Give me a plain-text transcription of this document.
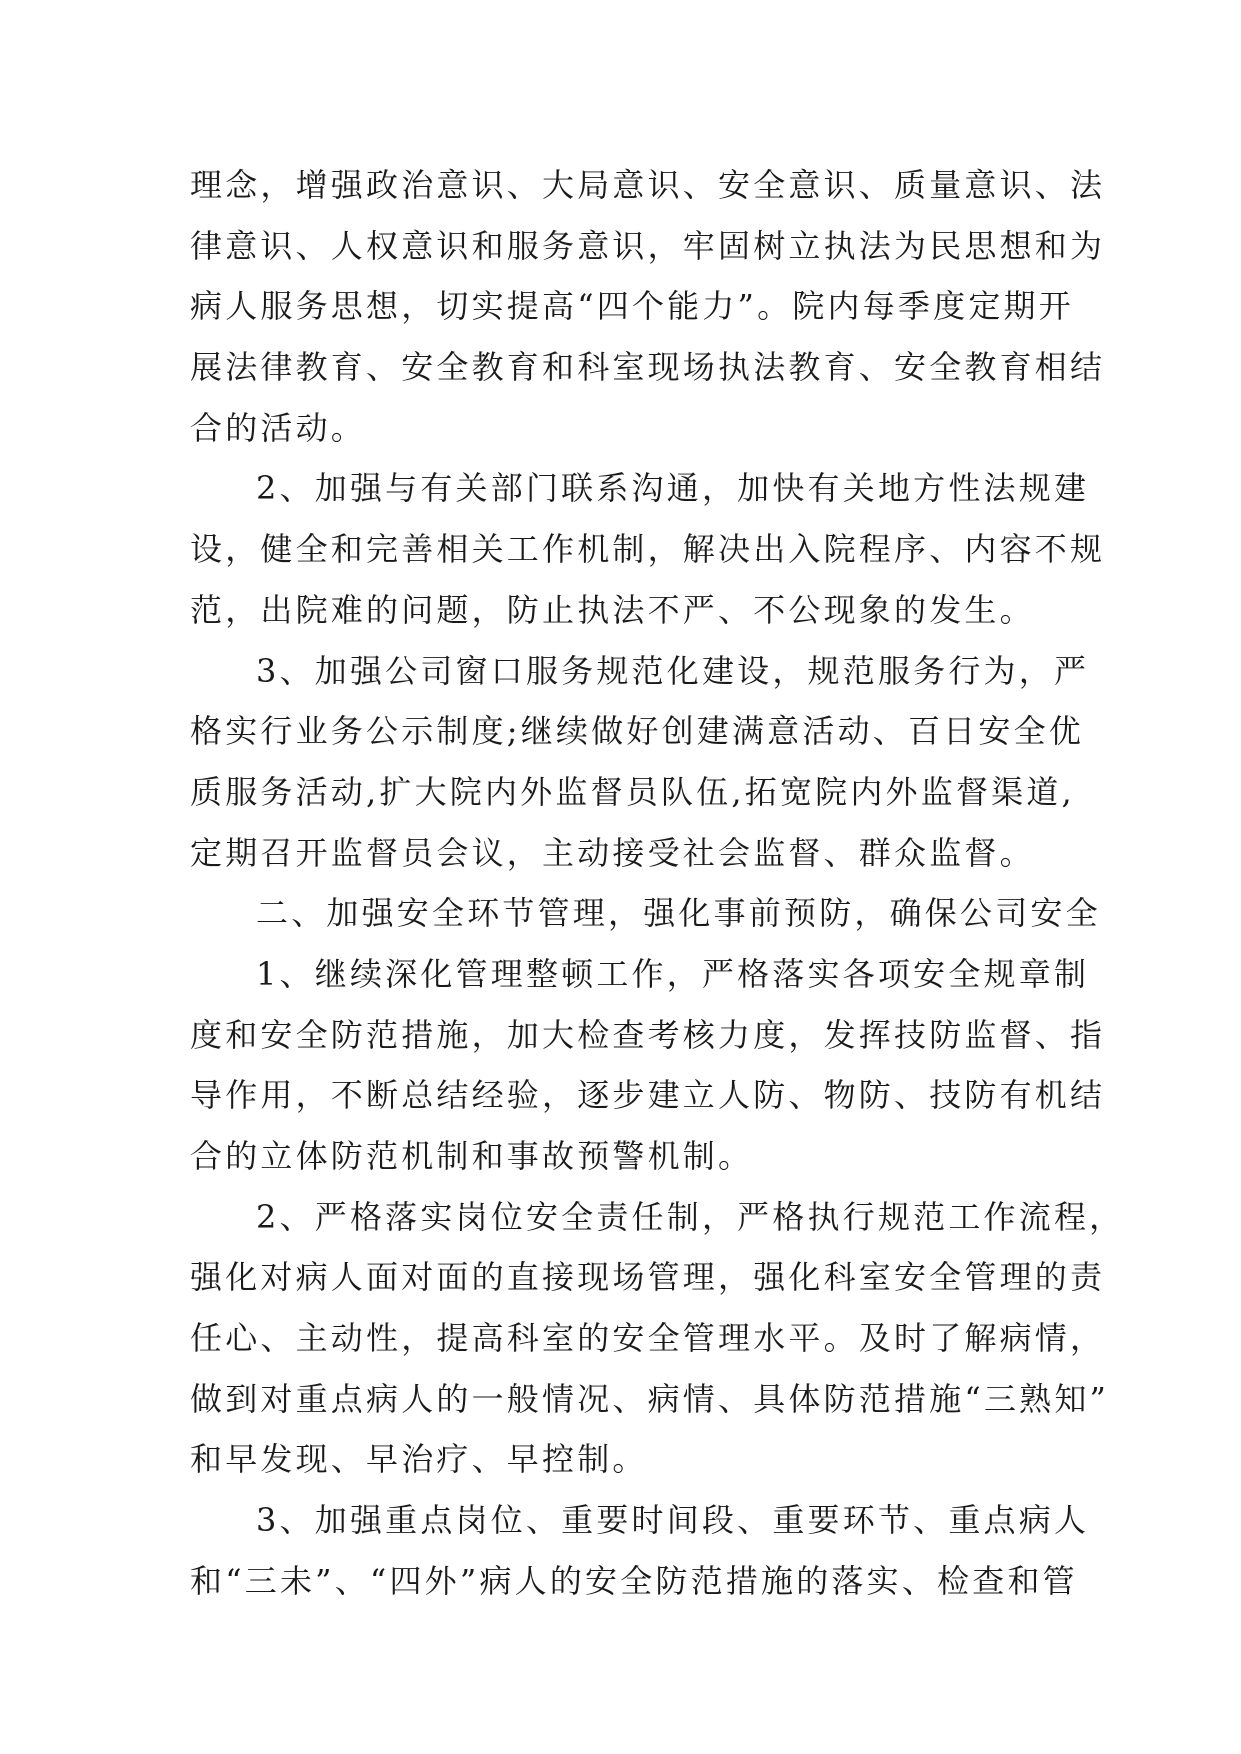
理念，增强政治意识、大局意识、安全意识、质量意识、法
律意识、人权意识和服务意识，牢固树立执法为民思想和为
病人服务思想，切实提高“四个能力”。院内每季度定期开
展法律教育、安全教育和科室现场执法教育、安全教育相结
合的活动。
2、加强与有关部门联系沟通，加快有关地方性法规建
设，健全和完善相关工作机制，解决出入院程序、内容不规
范，出院难的问题，防止执法不严、不公现象的发生。
3、加强公司窗口服务规范化建设，规范服务行为，严
格实行业务公示制度;继续做好创建满意活动、百日安全优
质服务活动,扩大院内外监督员队伍,拓宽院内外监督渠道,
定期召开监督员会议，主动接受社会监督、群众监督。
二、加强安全环节管理，强化事前预防，确保公司安全
1、继续深化管理整顿工作，严格落实各项安全规章制
度和安全防范措施，加大检查考核力度，发挥技防监督、指
导作用，不断总结经验，逐步建立人防、物防、技防有机结
合的立体防范机制和事故预警机制。
2、严格落实岗位安全责任制，严格执行规范工作流程，
强化对病人面对面的直接现场管理，强化科室安全管理的责
任心、主动性，提高科室的安全管理水平。及时了解病情，
做到对重点病人的一般情况、病情、具体防范措施“三熟知”
和早发现、早治疗、早控制。
3、加强重点岗位、重要时间段、重要环节、重点病人
和“三未”、“四外”病人的安全防范措施的落实、检查和管
